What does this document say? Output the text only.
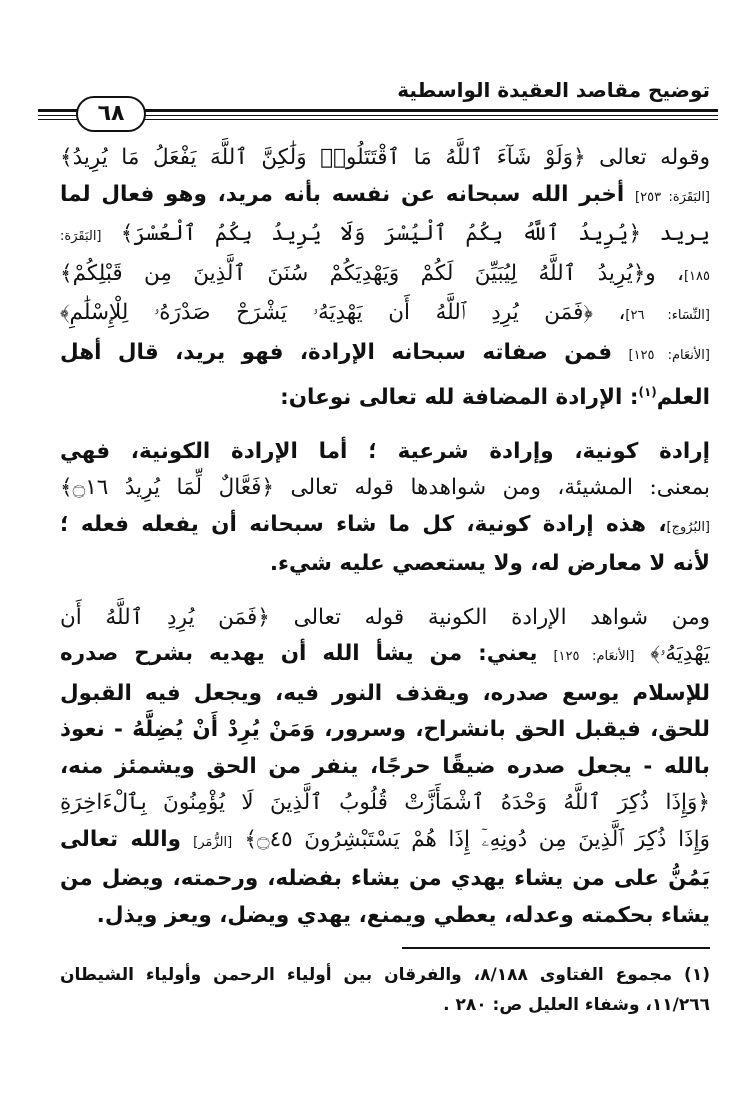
توضيح مقاصد العقيدة الواسطية
٦٨
وقوله تعالى ﴿وَلَوْ شَآءَ ٱللَّهُ مَا ٱقْتَتَلُوا۟ وَلَٰكِنَّ ٱللَّهَ يَفْعَلُ مَا يُرِيدُ﴾
[البَقَرَة: ٢٥٣] أخبر الله سبحانه عن نفسه بأنه مريد، وهو فعال لما
يريد ﴿يُرِيدُ ٱللَّهُ بِكُمُ ٱلْيُسْرَ وَلَا يُرِيدُ بِكُمُ ٱلْعُسْرَ﴾ [البَقَرَة:
١٨٥]، و﴿يُرِيدُ ٱللَّهُ لِيُبَيِّنَ لَكُمْ وَيَهْدِيَكُمْ سُنَنَ ٱلَّذِينَ مِن قَبْلِكُمْ﴾
[النِّسَاء: ٢٦]، ﴿فَمَن يُرِدِ ٱللَّهُ أَن يَهْدِيَهُۥ يَشْرَحْ صَدْرَهُۥ لِلْإِسْلَٰمِ﴾
[الأنعَام: ١٢٥] فمن صفاته سبحانه الإرادة، فهو يريد، قال أهل
العلم$^{(١)}$: الإرادة المضافة لله تعالى نوعان:
إرادة كونية، وإرادة شرعية ؛ أما الإرادة الكونية، فهي
بمعنى: المشيئة، ومن شواهدها قوله تعالى ﴿فَعَّالٌ لِّمَا يُرِيدُ ۝١٦﴾
[البُرُوج]، هذه إرادة كونية، كل ما شاء سبحانه أن يفعله فعله ؛
لأنه لا معارض له، ولا يستعصي عليه شيء.
ومن شواهد الإرادة الكونية قوله تعالى ﴿فَمَن يُرِدِ ٱللَّهُ أَن
يَهْدِيَهُۥ﴾ [الأنعَام: ١٢٥] يعني: من يشأ الله أن يهديه بشرح صدره
للإسلام يوسع صدره، ويقذف النور فيه، ويجعل فيه القبول
للحق، فيقبل الحق بانشراح، وسرور، وَمَنْ يُرِدْ أَنْ يُضِلَّهُ - نعوذ
بالله - يجعل صدره ضيقًا حرجًا، ينفر من الحق ويشمئز منه،
﴿وَإِذَا ذُكِرَ ٱللَّهُ وَحْدَهُ ٱشْمَأَزَّتْ قُلُوبُ ٱلَّذِينَ لَا يُؤْمِنُونَ بِٱلْءَاخِرَةِ
وَإِذَا ذُكِرَ ٱلَّذِينَ مِن دُونِهِۦٓ إِذَا هُمْ يَسْتَبْشِرُونَ ۝٤٥﴾ [الزُّمَر] والله تعالى
يَمُنُّ على من يشاء يهدي من يشاء بفضله، ورحمته، ويضل من
يشاء بحكمته وعدله، يعطي ويمنع، يهدي ويضل، ويعز ويذل.
(١) مجموع الفتاوى ٨/١٨٨، والفرقان بين أولياء الرحمن وأولياء الشيطان
١١/٢٦٦، وشفاء العليل ص: ٢٨٠ .
